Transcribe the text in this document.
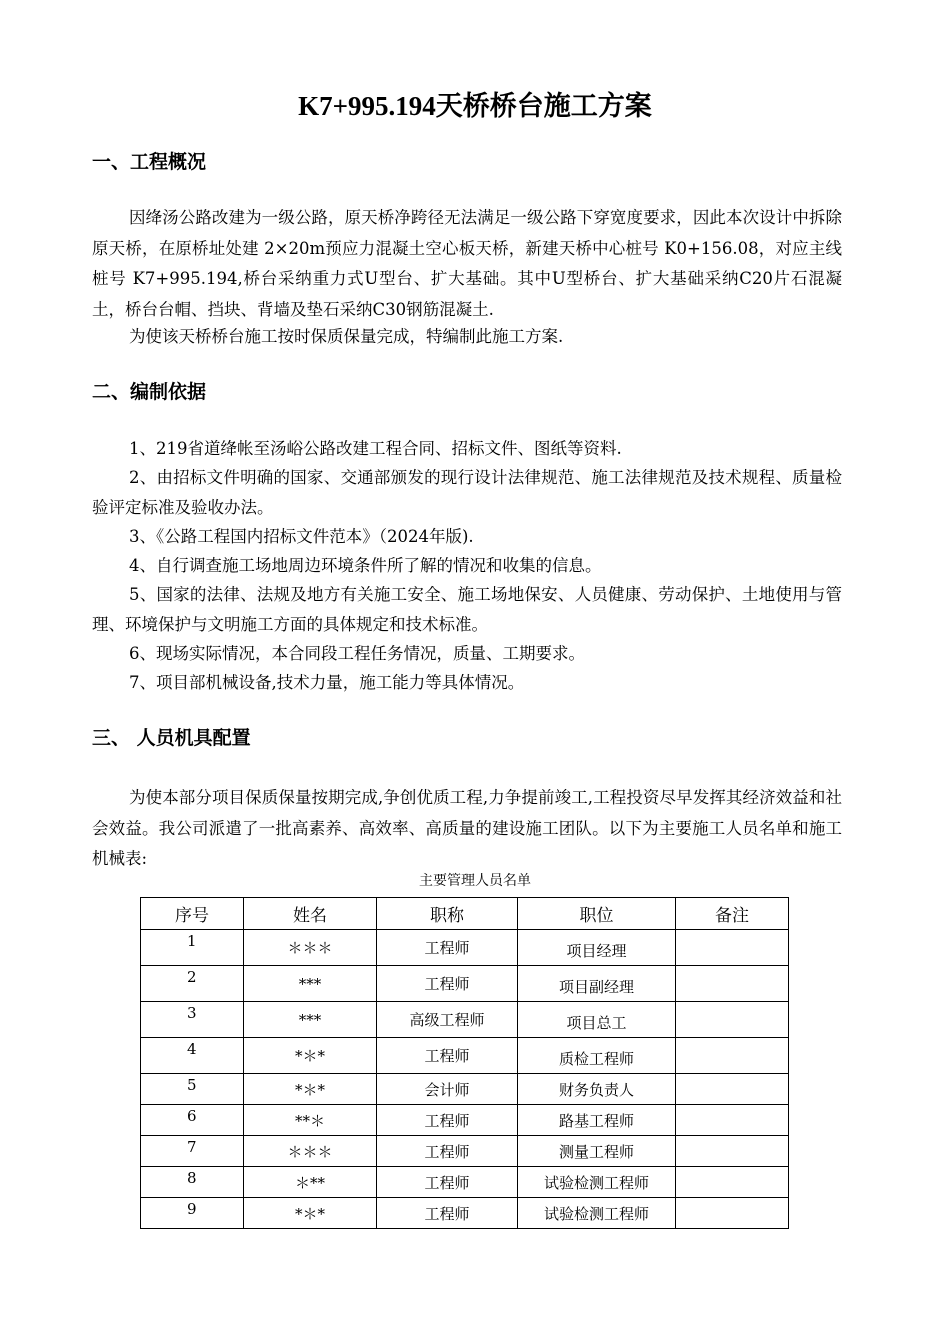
K7+995.194天桥桥台施工方案
一、工程概况

因绛汤公路改建为一级公路，原天桥净跨径无法满足一级公路下穿宽度要求，因此本次设计中拆除原天桥，在原桥址处建 2×20m预应力混凝土空心板天桥，新建天桥中心桩号 K0+156.08，对应主线桩号 K7+995.194,桥台采纳重力式U型台、扩大基础。其中U型桥台、扩大基础采纳C20片石混凝土，桥台台帽、挡块、背墙及垫石采纳C30钢筋混凝土.

为使该天桥桥台施工按时保质保量完成，特编制此施工方案.

二、编制依据

1、219省道绛帐至汤峪公路改建工程合同、招标文件、图纸等资料.

2、由招标文件明确的国家、交通部颁发的现行设计法律规范、施工法律规范及技术规程、质量检验评定标准及验收办法。

3、《公路工程国内招标文件范本》（2024年版).

4、自行调查施工场地周边环境条件所了解的情况和收集的信息。

5、国家的法律、法规及地方有关施工安全、施工场地保安、人员健康、劳动保护、土地使用与管理、环境保护与文明施工方面的具体规定和技术标准。

6、现场实际情况，本合同段工程任务情况，质量、工期要求。

7、项目部机械设备,技术力量，施工能力等具体情况。

三、 人员机具配置

为使本部分项目保质保量按期完成,争创优质工程,力争提前竣工,工程投资尽早发挥其经济效益和社会效益。我公司派遣了一批高素养、高效率、高质量的建设施工团队。以下为主要施工人员名单和施工机械表:

主要管理人员名单

序号	姓名	职称	职位	备注
1	＊＊＊	工程师	项目经理	
2	***	工程师	项目副经理	
3	***	高级工程师	项目总工	
4	*＊*	工程师	质检工程师	
5	*＊*	会计师	财务负责人	
6	**＊	工程师	路基工程师	
7	＊＊＊	工程师	测量工程师	
8	＊**	工程师	试验检测工程师	
9	*＊*	工程师	试验检测工程师	
